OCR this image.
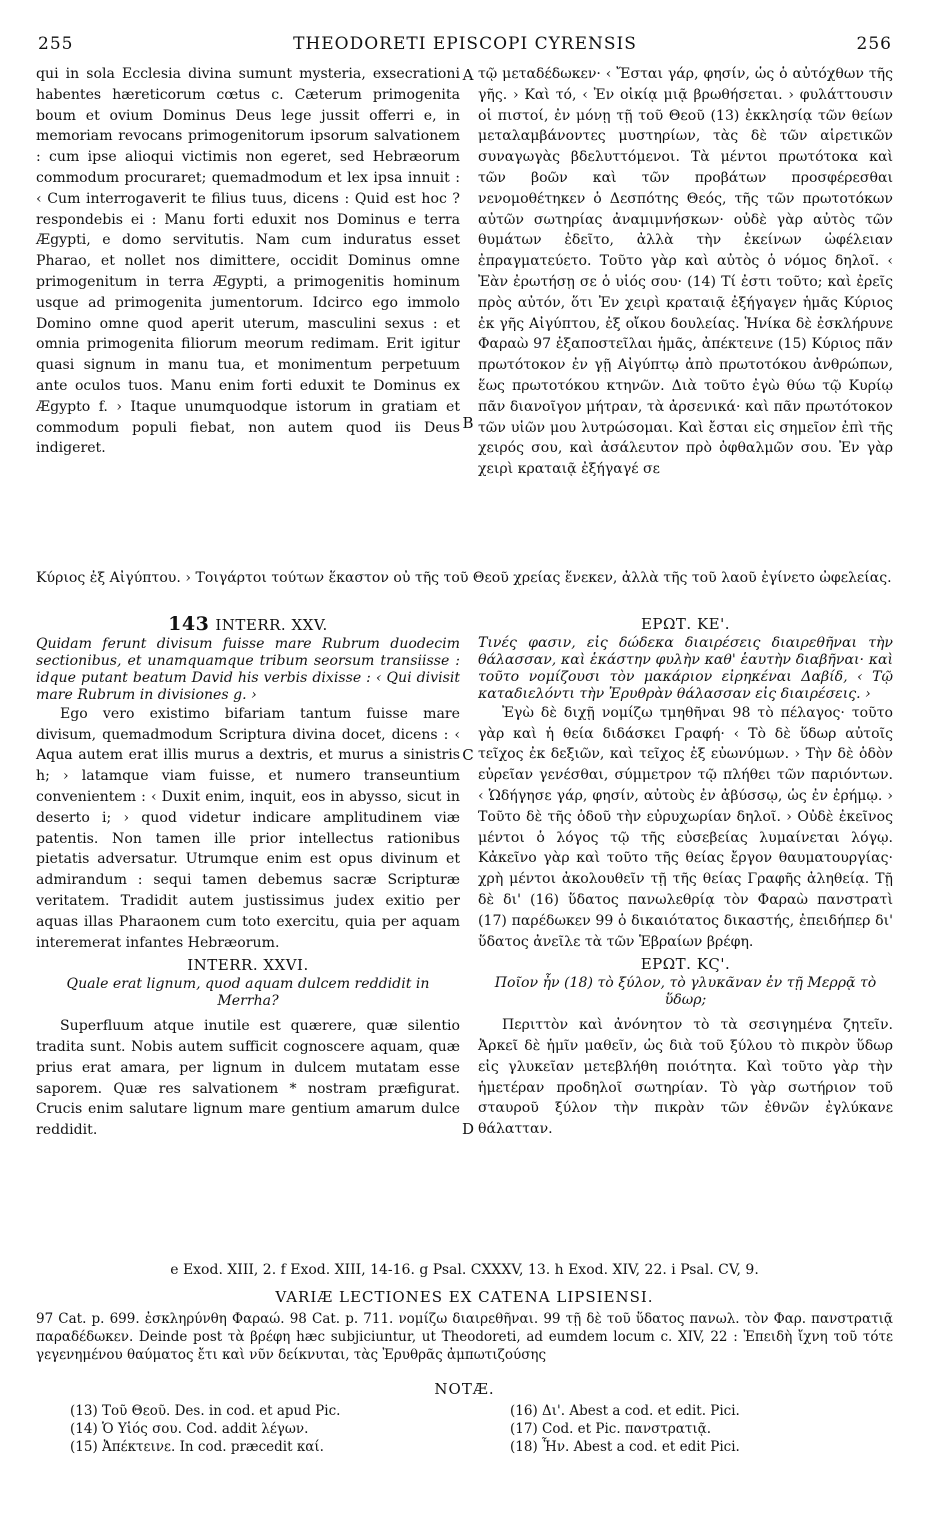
255	THEODORETI EPISCOPI CYRENSIS	256
A
B
C
D

qui in sola Ecclesia divina sumunt mysteria, exsecrationi habentes hæreticorum cœtus c. Cæterum primogenita boum et ovium Dominus Deus lege jussit offerri e, in memoriam revocans primogenitorum ipsorum salvationem : cum ipse alioqui victimis non egeret, sed Hebræorum commodum procuraret; quemadmodum et lex ipsa innuit : ‹ Cum interrogaverit te filius tuus, dicens : Quid est hoc ? respondebis ei : Manu forti eduxit nos Dominus e terra Ægypti, e domo servitutis. Nam cum induratus esset Pharao, et nollet nos dimittere, occidit Dominus omne primogenitum in terra Ægypti, a primogenitis hominum usque ad primogenita jumentorum. Idcirco ego immolo Domino omne quod aperit uterum, masculini sexus : et omnia primogenita filiorum meorum redimam. Erit igitur quasi signum in manu tua, et monimentum perpetuum ante oculos tuos. Manu enim forti eduxit te Dominus ex Ægypto f. › Itaque unumquodque istorum in gratiam et commodum populi fiebat, non autem quod iis Deus indigeret.

τῷ μεταδέδωκεν· ‹ Ἔσται γάρ, φησίν, ὡς ὁ αὐτόχθων τῆς γῆς. › Καὶ τό, ‹ Ἐν οἰκίᾳ μιᾷ βρωθήσεται. › φυλάττουσιν οἱ πιστοί, ἐν μόνῃ τῇ τοῦ Θεοῦ (13) ἐκκλησίᾳ τῶν θείων μεταλαμβάνοντες μυστηρίων, τὰς δὲ τῶν αἱρετικῶν συναγωγὰς βδελυττόμενοι. Τὰ μέντοι πρωτότοκα καὶ τῶν βοῶν καὶ τῶν προβάτων προσφέρεσθαι νενομοθέτηκεν ὁ Δεσπότης Θεός, τῆς τῶν πρωτοτόκων αὐτῶν σωτηρίας ἀναμιμνήσκων· οὐδὲ γὰρ αὐτὸς τῶν θυμάτων ἐδεῖτο, ἀλλὰ τὴν ἐκείνων ὠφέλειαν ἐπραγματεύετο. Τοῦτο γὰρ καὶ αὐτὸς ὁ νόμος δηλοῖ. ‹ Ἐὰν ἐρωτήσῃ σε ὁ υἱός σου· (14) Τί ἐστι τοῦτο; καὶ ἐρεῖς πρὸς αὐτόν, ὅτι Ἐν χειρὶ κραταιᾷ ἐξήγαγεν ἡμᾶς Κύριος ἐκ γῆς Αἰγύπτου, ἐξ οἴκου δουλείας. Ἡνίκα δὲ ἐσκλήρυνε Φαραὼ 97 ἐξαποστεῖλαι ἡμᾶς, ἀπέκτεινε (15) Κύριος πᾶν πρωτότοκον ἐν γῇ Αἰγύπτῳ ἀπὸ πρωτοτόκου ἀνθρώπων, ἕως πρωτοτόκου κτηνῶν. Διὰ τοῦτο ἐγὼ θύω τῷ Κυρίῳ πᾶν διανοῖγον μήτραν, τὰ ἀρσενικά· καὶ πᾶν πρωτότοκον τῶν υἱῶν μου λυτρώσομαι. Καὶ ἔσται εἰς σημεῖον ἐπὶ τῆς χειρός σου, καὶ ἀσάλευτον πρὸ ὀφθαλμῶν σου. Ἐν γὰρ χειρὶ κραταιᾷ ἐξήγαγέ σε

Κύριος ἐξ Αἰγύπτου. › Τοιγάρτοι τούτων ἕκαστον οὐ τῆς τοῦ Θεοῦ χρείας ἕνεκεν, ἀλλὰ τῆς τοῦ λαοῦ ἐγίνετο ὠφελείας.

143 INTERR. XXV.

Quidam ferunt divisum fuisse mare Rubrum duodecim sectionibus, et unamquamque tribum seorsum transiisse : idque putant beatum David his verbis dixisse : ‹ Qui divisit mare Rubrum in divisiones g. ›

Ego vero existimo bifariam tantum fuisse mare divisum, quemadmodum Scriptura divina docet, dicens : ‹ Aqua autem erat illis murus a dextris, et murus a sinistris h; › latamque viam fuisse, et numero transeuntium convenientem : ‹ Duxit enim, inquit, eos in abysso, sicut in deserto i; › quod videtur indicare amplitudinem viæ patentis. Non tamen ille prior intellectus rationibus pietatis adversatur. Utrumque enim est opus divinum et admirandum : sequi tamen debemus sacræ Scripturæ veritatem. Tradidit autem justissimus judex exitio per aquas illas Pharaonem cum toto exercitu, quia per aquam interemerat infantes Hebræorum.

INTERR. XXVI.

Quale erat lignum, quod aquam dulcem reddidit in Merrha?

Superfluum atque inutile est quærere, quæ silentio tradita sunt. Nobis autem sufficit cognoscere aquam, quæ prius erat amara, per lignum in dulcem mutatam esse saporem. Quæ res salvationem * nostram præfigurat. Crucis enim salutare lignum mare gentium amarum dulce reddidit.

ΕΡΩΤ. ΚΕ'.

Τινές φασιν, εἰς δώδεκα διαιρέσεις διαιρεθῆναι τὴν θάλασσαν, καὶ ἑκάστην φυλὴν καθ' ἑαυτὴν διαβῆναι· καὶ τοῦτο νομίζουσι τὸν μακάριον εἰρηκέναι Δαβίδ, ‹ Τῷ καταδιελόντι τὴν Ἐρυθρὰν θάλασσαν εἰς διαιρέσεις. ›

Ἐγὼ δὲ διχῇ νομίζω τμηθῆναι 98 τὸ πέλαγος· τοῦτο γὰρ καὶ ἡ θεία διδάσκει Γραφή· ‹ Τὸ δὲ ὕδωρ αὐτοῖς τεῖχος ἐκ δεξιῶν, καὶ τεῖχος ἐξ εὐωνύμων. › Τὴν δὲ ὁδὸν εὐρεῖαν γενέσθαι, σύμμετρον τῷ πλήθει τῶν παριόντων. ‹ Ὡδήγησε γάρ, φησίν, αὐτοὺς ἐν ἀβύσσῳ, ὡς ἐν ἐρήμῳ. › Τοῦτο δὲ τῆς ὁδοῦ τὴν εὐρυχωρίαν δηλοῖ. › Οὐδὲ ἐκεῖνος μέντοι ὁ λόγος τῷ τῆς εὐσεβείας λυμαίνεται λόγῳ. Κἀκεῖνο γὰρ καὶ τοῦτο τῆς θείας ἔργον θαυματουργίας· χρὴ μέντοι ἀκολουθεῖν τῇ τῆς θείας Γραφῆς ἀληθείᾳ. Τῇ δὲ δι' (16) ὕδατος πανωλεθρίᾳ τὸν Φαραὼ πανστρατὶ (17) παρέδωκεν 99 ὁ δικαιότατος δικαστής, ἐπειδήπερ δι' ὕδατος ἀνεῖλε τὰ τῶν Ἑβραίων βρέφη.

ΕΡΩΤ. ΚϚ'.

Ποῖον ἦν (18) τὸ ξύλον, τὸ γλυκᾶναν ἐν τῇ Μερρᾷ τὸ ὕδωρ;

Περιττὸν καὶ ἀνόνητον τὸ τὰ σεσιγημένα ζητεῖν. Ἀρκεῖ δὲ ἡμῖν μαθεῖν, ὡς διὰ τοῦ ξύλου τὸ πικρὸν ὕδωρ εἰς γλυκεῖαν μετεβλήθη ποιότητα. Καὶ τοῦτο γὰρ τὴν ἡμετέραν προδηλοῖ σωτηρίαν. Τὸ γὰρ σωτήριον τοῦ σταυροῦ ξύλον τὴν πικρὰν τῶν ἐθνῶν ἐγλύκανε θάλατταν.

e Exod. XIII, 2. f Exod. XIII, 14-16. g Psal. CXXXV, 13. h Exod. XIV, 22. i Psal. CV, 9.
VARIÆ LECTIONES EX CATENA LIPSIENSI.
97 Cat. p. 699. ἐσκληρύνθη Φαραώ. 98 Cat. p. 711. νομίζω διαιρεθῆναι. 99 τῇ δὲ τοῦ ὕδατος πανωλ. τὸν Φαρ. πανστρατιᾷ παραδέδωκεν. Deinde post τὰ βρέφη hæc subjiciuntur, ut Theodoreti, ad eumdem locum c. XIV, 22 : Ἐπειδὴ ἴχνη τοῦ τότε γεγενημένου θαύματος ἔτι καὶ νῦν δείκνυται, τὰς Ἐρυθρᾶς ἀμπωτιζούσης
NOTÆ.
(13) Τοῦ Θεοῦ. Des. in cod. et apud Pic.
(14) Ὁ Υἱός σου. Cod. addit λέγων.
(15) Ἀπέκτεινε. In cod. præcedit καί.
(16) Δι'. Abest a cod. et edit. Pici.
(17) Cod. et Pic. πανστρατιᾷ.
(18) Ἦν. Abest a cod. et edit Pici.
